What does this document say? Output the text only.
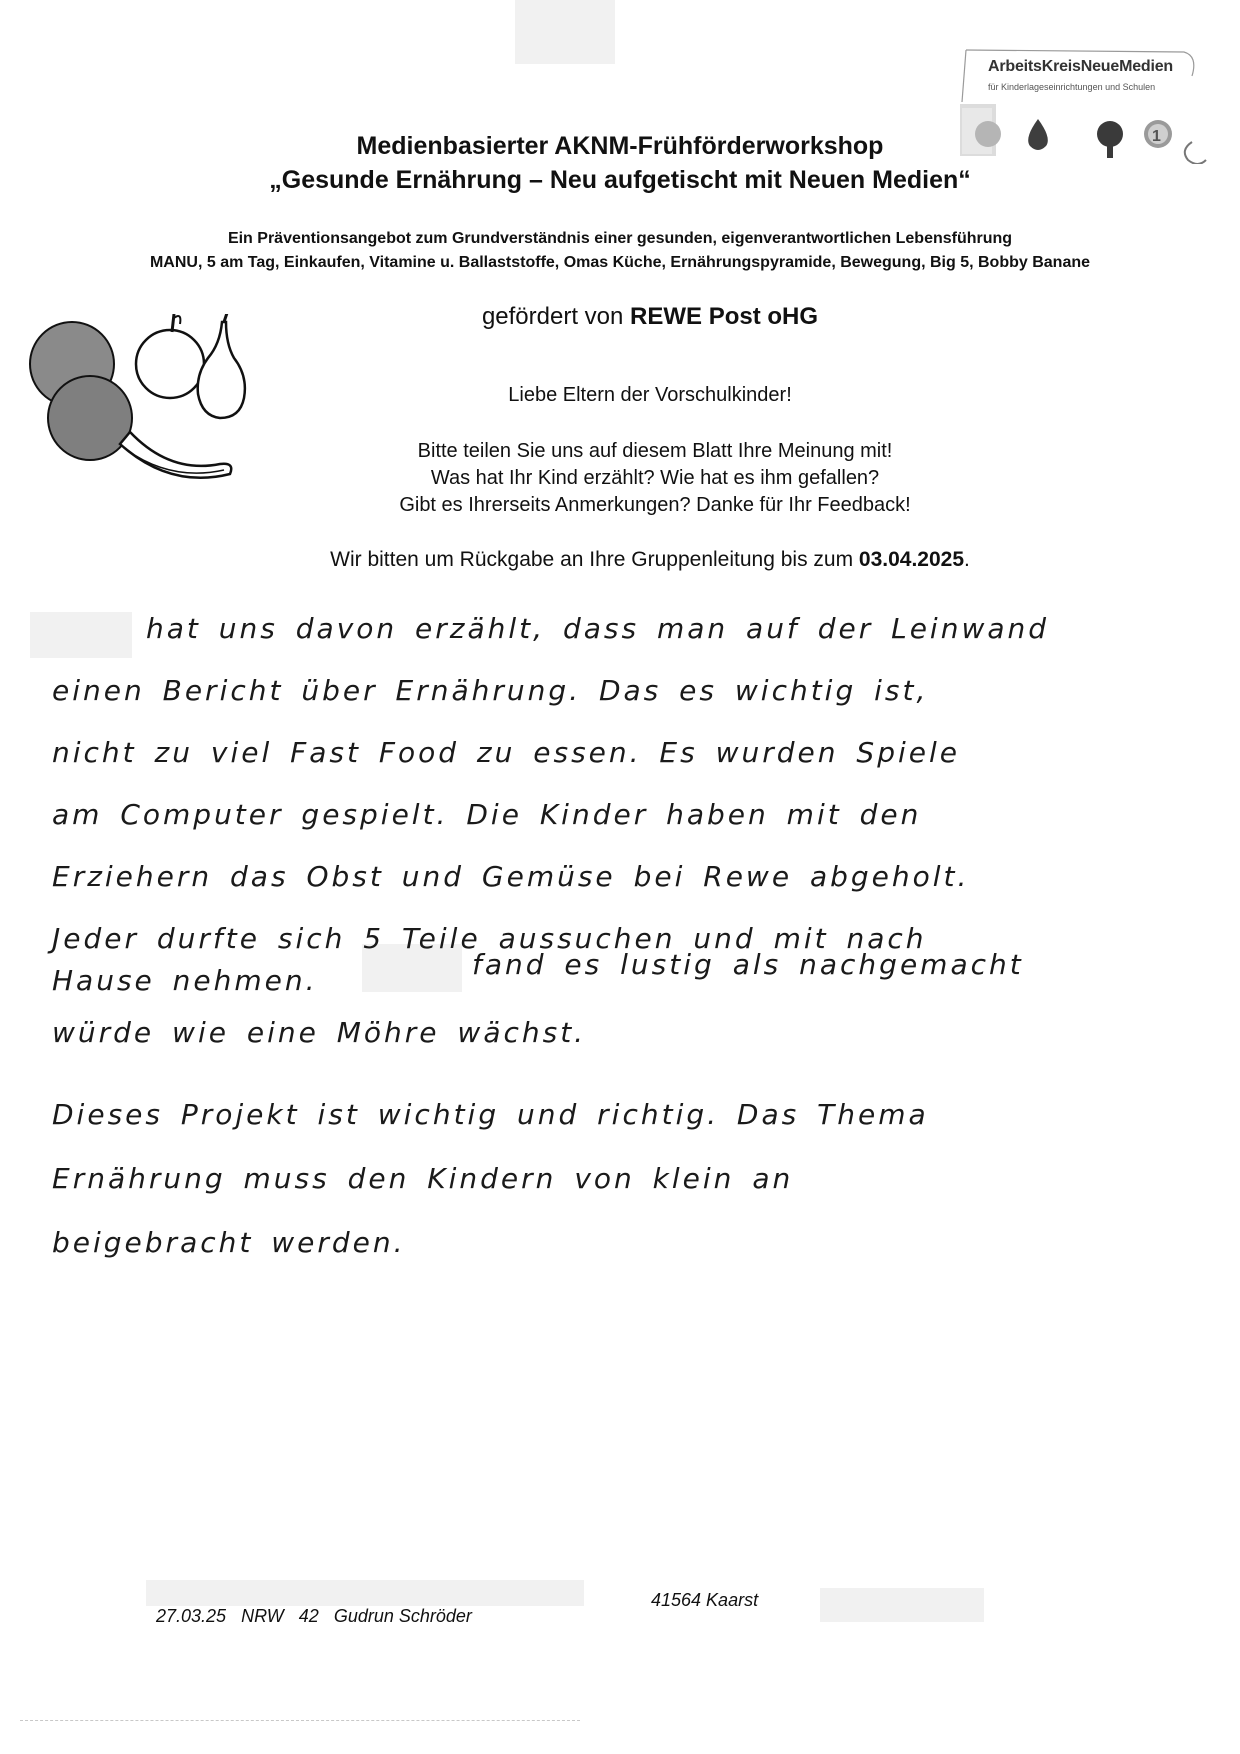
1
ArbeitsKreisNeueMedien
für Kinderlageseinrichtungen und Schulen
Medienbasierter AKNM-Frühförderworkshop
„Gesunde Ernährung – Neu aufgetischt mit Neuen Medien“
Ein Präventionsangebot zum Grundverständnis einer gesunden, eigenverantwortlichen Lebensführung
MANU, 5 am Tag, Einkaufen, Vitamine u. Ballaststoffe, Omas Küche, Ernährungspyramide, Bewegung, Big 5, Bobby Banane
gefördert von REWE Post oHG
Liebe Eltern der Vorschulkinder!
Bitte teilen Sie uns auf diesem Blatt Ihre Meinung mit!
Was hat Ihr Kind erzählt? Wie hat es ihm gefallen?
Gibt es Ihrerseits Anmerkungen? Danke für Ihr Feedback!
Wir bitten um Rückgabe an Ihre Gruppenleitung bis zum 03.04.2025.
hat uns davon erzählt, dass man auf der Leinwand
einen Bericht über Ernährung. Das es wichtig ist,
nicht zu viel Fast Food zu essen. Es wurden Spiele
am Computer gespielt. Die Kinder haben mit den
Erziehern das Obst und Gemüse bei Rewe abgeholt.
Jeder durfte sich 5 Teile aussuchen und mit nach
Hause nehmen.	fand es lustig als nachgemacht
würde wie eine Möhre wächst.
Dieses Projekt ist wichtig und richtig. Das Thema
Ernährung muss den Kindern von klein an
beigebracht werden.
27.03.25 NRW 42 Gudrun Schröder
41564 Kaarst
